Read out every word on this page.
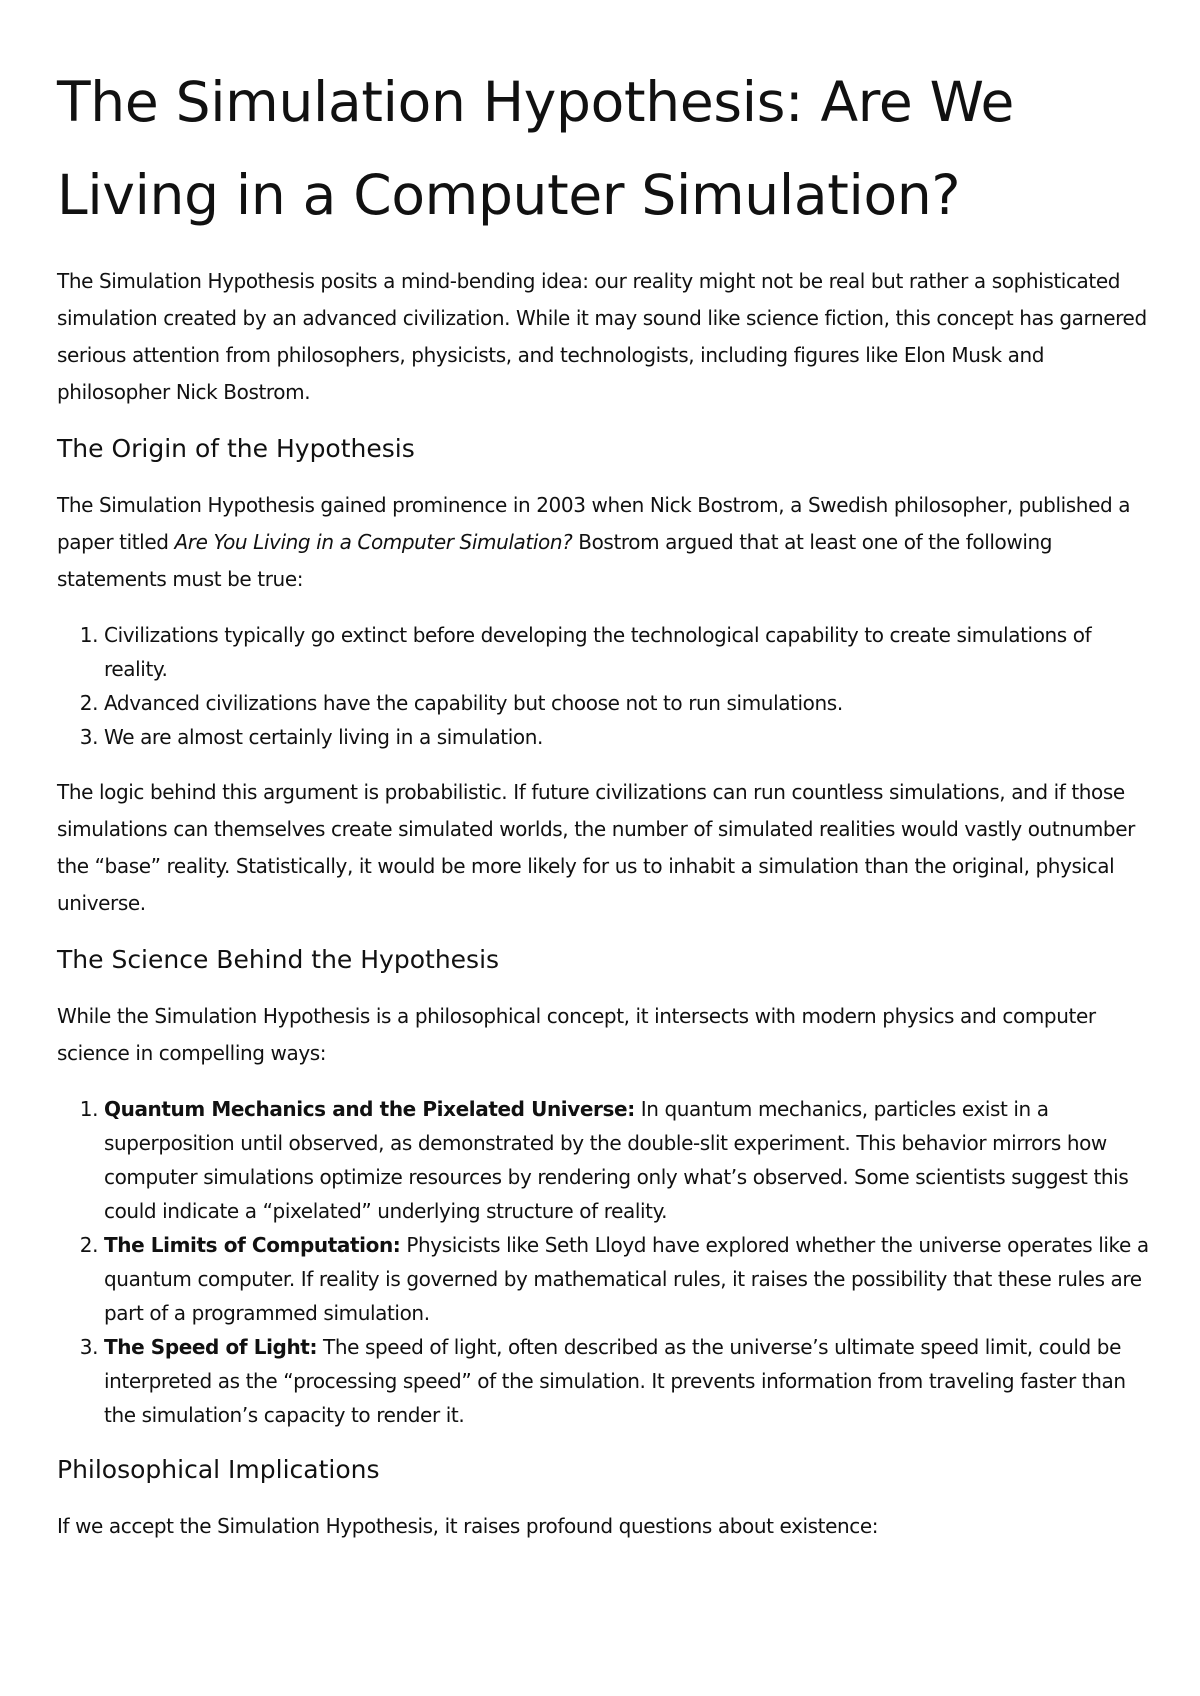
The Simulation Hypothesis: Are We Living in a Computer Simulation?

The Simulation Hypothesis posits a mind-bending idea: our reality might not be real but rather a sophisticated simulation created by an advanced civilization. While it may sound like science fiction, this concept has garnered serious attention from philosophers, physicists, and technologists, including figures like Elon Musk and philosopher Nick Bostrom.

The Origin of the Hypothesis

The Simulation Hypothesis gained prominence in 2003 when Nick Bostrom, a Swedish philosopher, published a paper titled Are You Living in a Computer Simulation? Bostrom argued that at least one of the following statements must be true:

1. Civilizations typically go extinct before developing the technological capability to create simulations of reality.
2. Advanced civilizations have the capability but choose not to run simulations.
3. We are almost certainly living in a simulation.

The logic behind this argument is probabilistic. If future civilizations can run countless simulations, and if those simulations can themselves create simulated worlds, the number of simulated realities would vastly outnumber the “base” reality. Statistically, it would be more likely for us to inhabit a simulation than the original, physical universe.

The Science Behind the Hypothesis

While the Simulation Hypothesis is a philosophical concept, it intersects with modern physics and computer science in compelling ways:

1. Quantum Mechanics and the Pixelated Universe: In quantum mechanics, particles exist in a superposition until observed, as demonstrated by the double-slit experiment. This behavior mirrors how computer simulations optimize resources by rendering only what’s observed. Some scientists suggest this could indicate a “pixelated” underlying structure of reality.
2. The Limits of Computation: Physicists like Seth Lloyd have explored whether the universe operates like a quantum computer. If reality is governed by mathematical rules, it raises the possibility that these rules are part of a programmed simulation.
3. The Speed of Light: The speed of light, often described as the universe’s ultimate speed limit, could be interpreted as the “processing speed” of the simulation. It prevents information from traveling faster than the simulation’s capacity to render it.
Philosophical Implications

If we accept the Simulation Hypothesis, it raises profound questions about existence:
